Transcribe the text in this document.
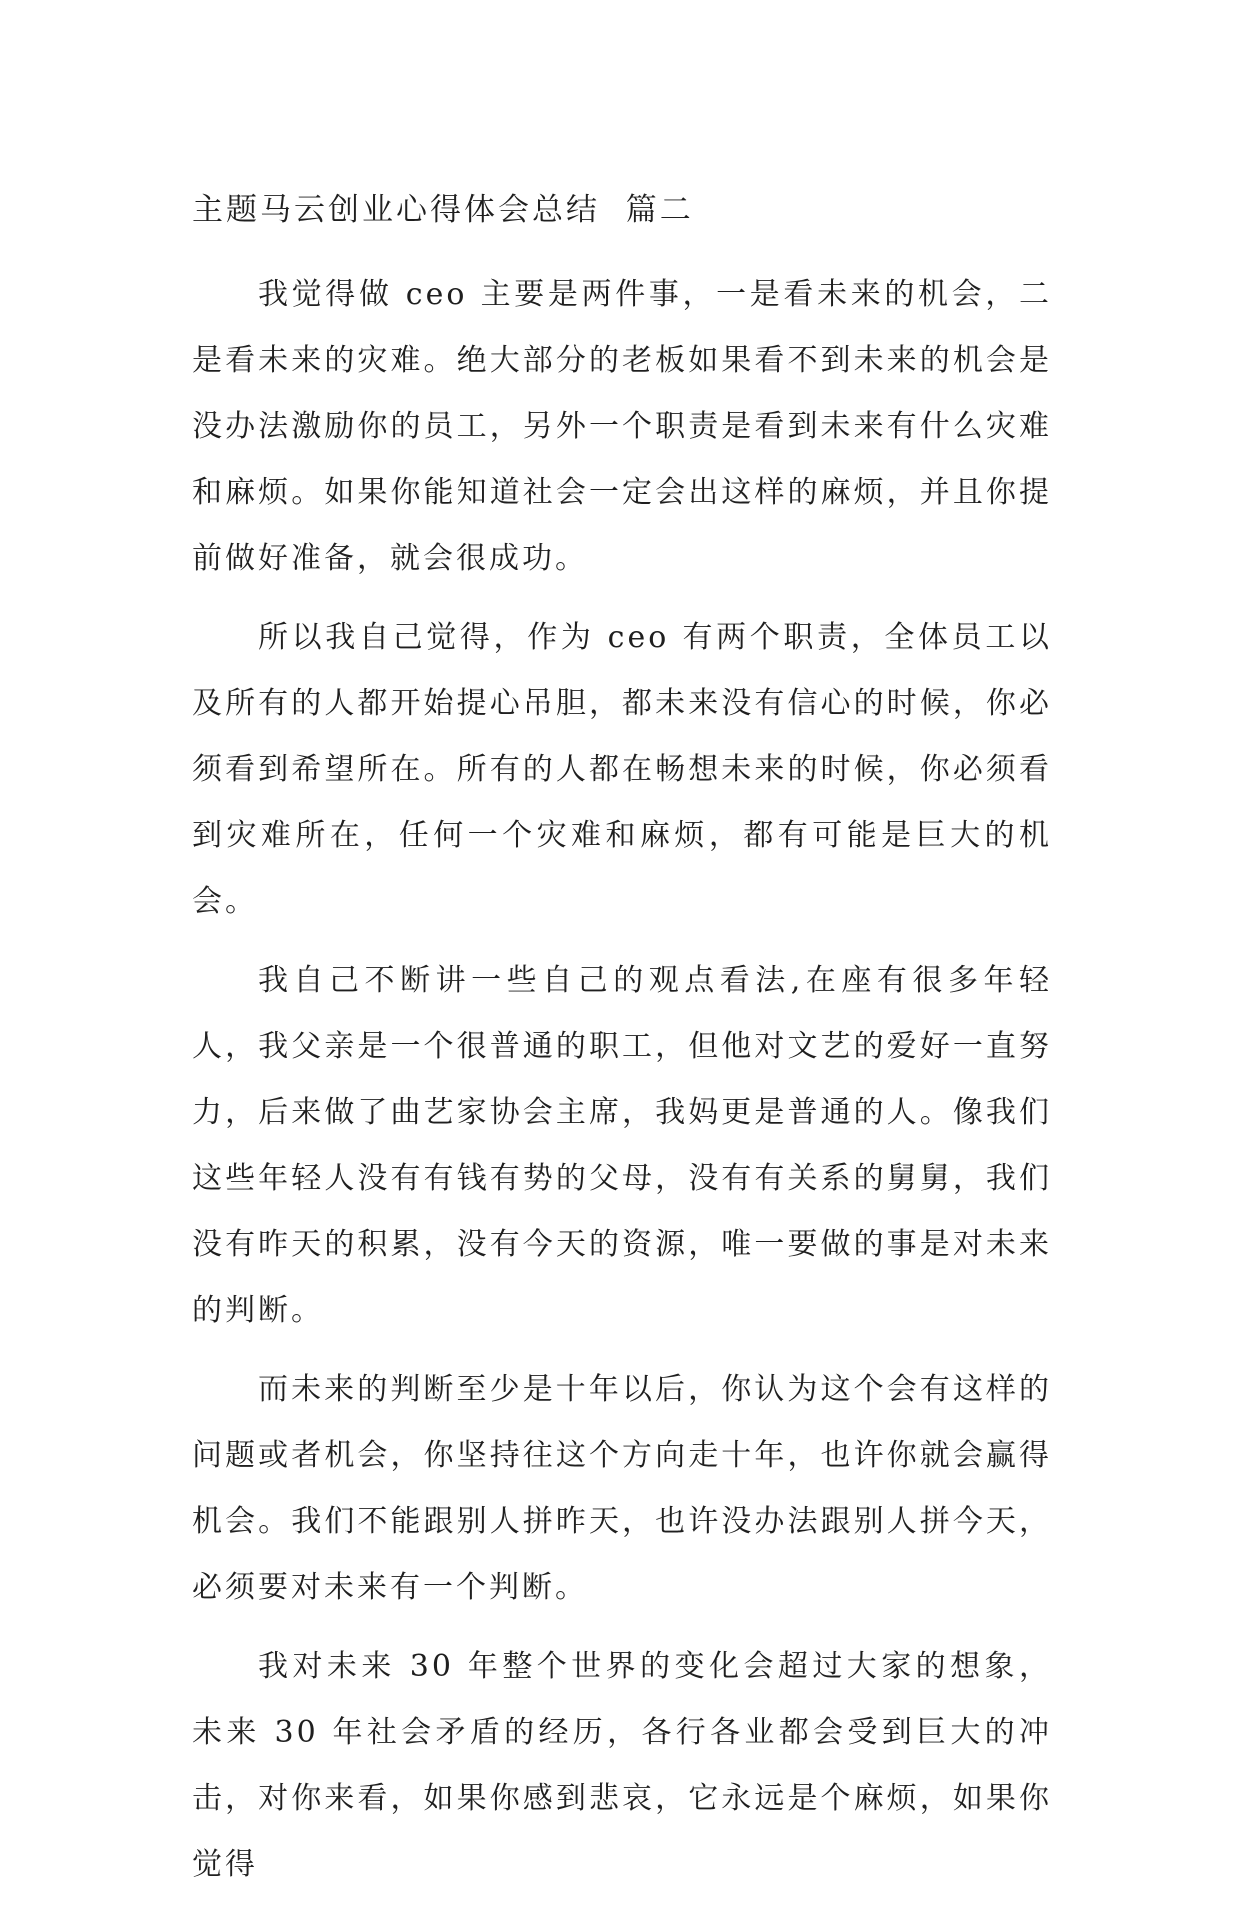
主题马云创业心得体会总结  篇二

我觉得做 ceo 主要是两件事，一是看未来的机会，二是看未来的灾难。绝大部分的老板如果看不到未来的机会是没办法激励你的员工，另外一个职责是看到未来有什么灾难和麻烦。如果你能知道社会一定会出这样的麻烦，并且你提前做好准备，就会很成功。

所以我自己觉得，作为 ceo 有两个职责，全体员工以及所有的人都开始提心吊胆，都未来没有信心的时候，你必须看到希望所在。所有的人都在畅想未来的时候，你必须看到灾难所在，任何一个灾难和麻烦，都有可能是巨大的机会。

我自己不断讲一些自己的观点看法,在座有很多年轻人，我父亲是一个很普通的职工，但他对文艺的爱好一直努力，后来做了曲艺家协会主席，我妈更是普通的人。像我们这些年轻人没有有钱有势的父母，没有有关系的舅舅，我们没有昨天的积累，没有今天的资源，唯一要做的事是对未来的判断。

而未来的判断至少是十年以后，你认为这个会有这样的问题或者机会，你坚持往这个方向走十年，也许你就会赢得机会。我们不能跟别人拼昨天，也许没办法跟别人拼今天，必须要对未来有一个判断。

我对未来 30 年整个世界的变化会超过大家的想象，未来 30 年社会矛盾的经历，各行各业都会受到巨大的冲击，对你来看，如果你感到悲哀，它永远是个麻烦，如果你觉得
